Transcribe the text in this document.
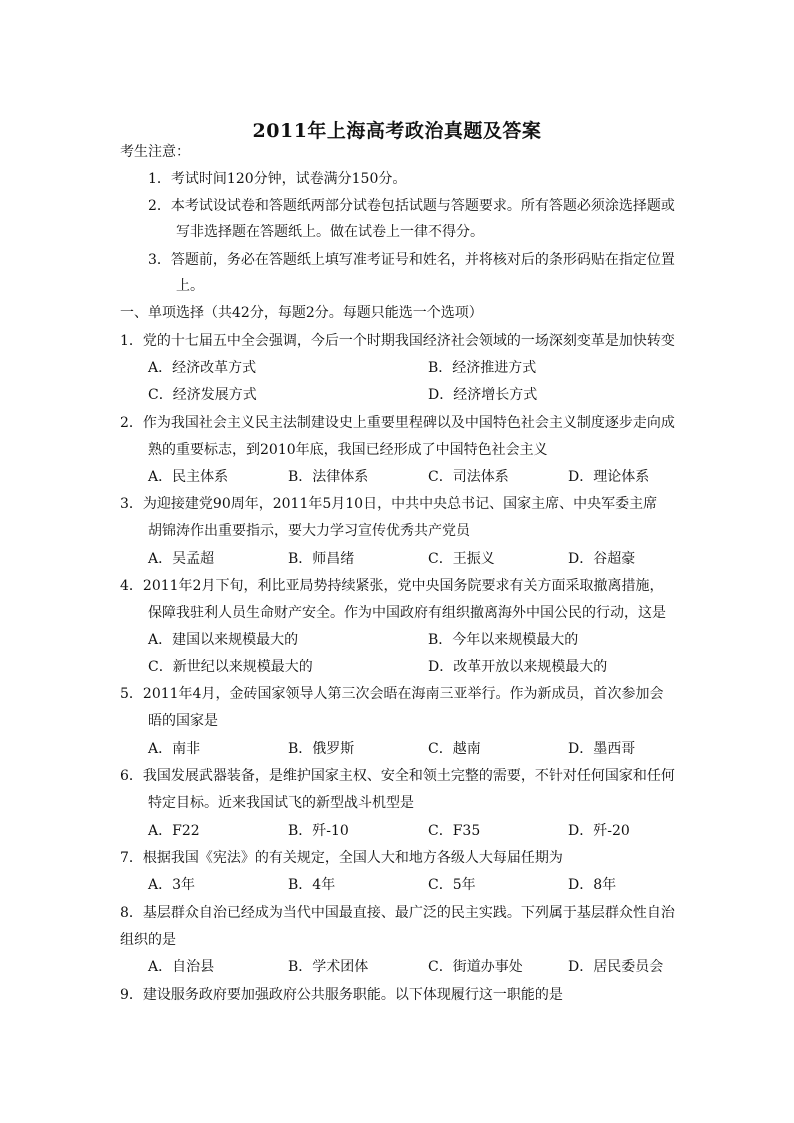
2011年上海高考政治真题及答案
考生注意：
1．考试时间120分钟，试卷满分150分。
2．本考试设试卷和答题纸两部分试卷包括试题与答题要求。所有答题必须涂选择题或
写非选择题在答题纸上。做在试卷上一律不得分。
3．答题前，务必在答题纸上填写准考证号和姓名，并将核对后的条形码贴在指定位置
上。
一、单项选择（共42分，每题2分。每题只能选一个选项）
1．党的十七届五中全会强调，今后一个时期我国经济社会领域的一场深刻变革是加快转变
A．经济改革方式	B．经济推进方式
C．经济发展方式	D．经济增长方式
2．作为我国社会主义民主法制建设史上重要里程碑以及中国特色社会主义制度逐步走向成
熟的重要标志，到2010年底，我国已经形成了中国特色社会主义
A．民主体系	B．法律体系	C．司法体系	D．理论体系
3．为迎接建党90周年，2011年5月10日，中共中央总书记、国家主席、中央军委主席
胡锦涛作出重要指示，要大力学习宣传优秀共产党员
A．吴孟超	B．师昌绪	C．王振义	D．谷超豪
4．2011年2月下旬，利比亚局势持续紧张，党中央国务院要求有关方面采取撤离措施，
保障我驻利人员生命财产安全。作为中国政府有组织撤离海外中国公民的行动，这是
A．建国以来规模最大的	B．今年以来规模最大的
C．新世纪以来规模最大的	D．改革开放以来规模最大的
5．2011年4月，金砖国家领导人第三次会晤在海南三亚举行。作为新成员，首次参加会
晤的国家是
A．南非	B．俄罗斯	C．越南	D．墨西哥
6．我国发展武器装备，是维护国家主权、安全和领土完整的需要，不针对任何国家和任何
特定目标。近来我国试飞的新型战斗机型是
A．F22	B．歼-10	C．F35	D．歼-20
7．根据我国《宪法》的有关规定，全国人大和地方各级人大每届任期为
A．3年	B．4年	C．5年	D．8年
8．基层群众自治已经成为当代中国最直接、最广泛的民主实践。下列属于基层群众性自治
组织的是
A．自治县	B．学术团体	C．街道办事处	D．居民委员会
9．建设服务政府要加强政府公共服务职能。以下体现履行这一职能的是
